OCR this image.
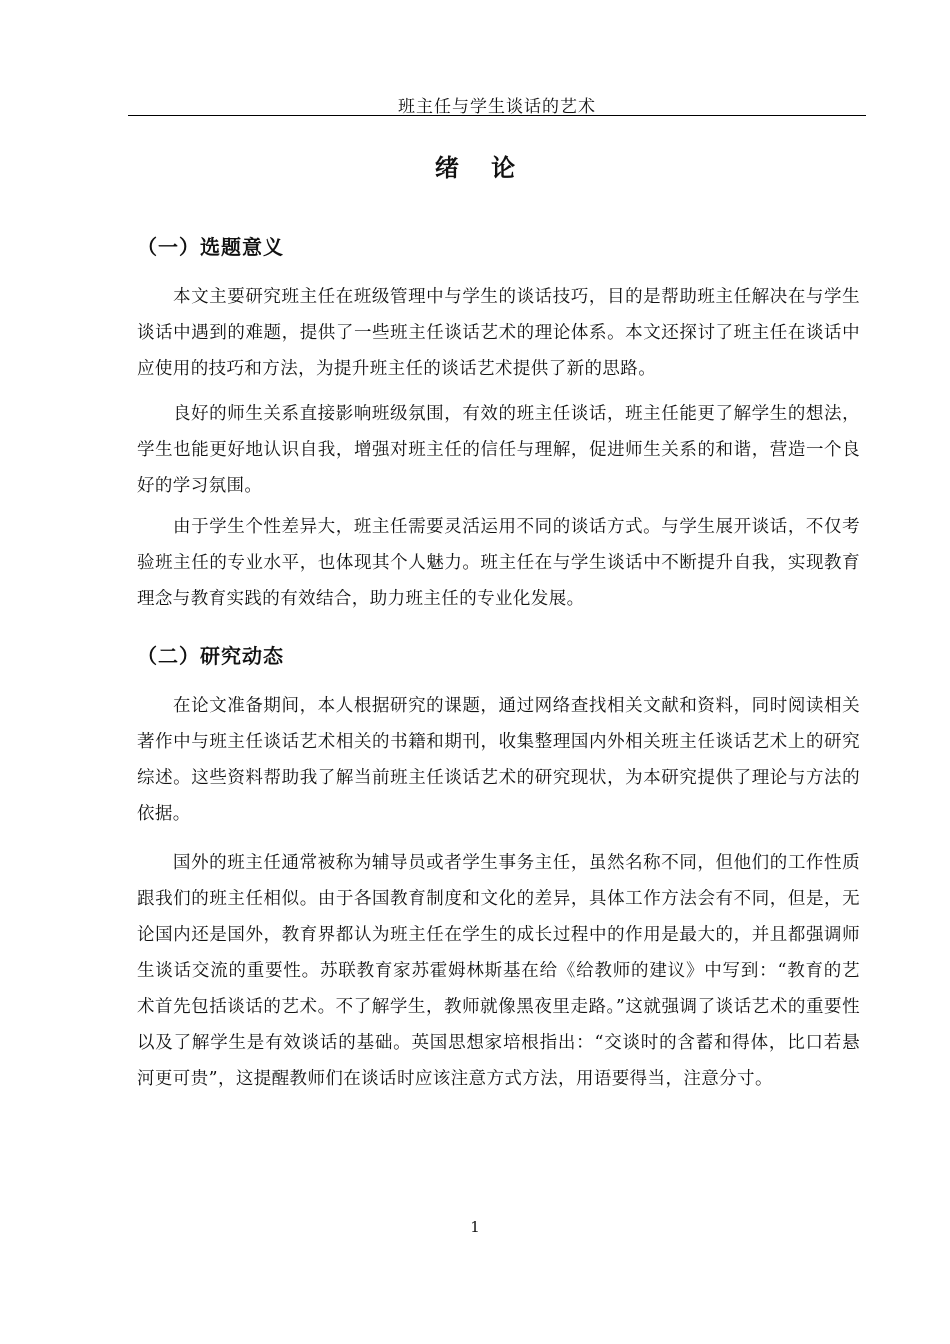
班主任与学生谈话的艺术
绪 论
（一）选题意义

本文主要研究班主任在班级管理中与学生的谈话技巧，目的是帮助班主任解决在与学生谈话中遇到的难题，提供了一些班主任谈话艺术的理论体系。本文还探讨了班主任在谈话中应使用的技巧和方法，为提升班主任的谈话艺术提供了新的思路。

良好的师生关系直接影响班级氛围，有效的班主任谈话，班主任能更了解学生的想法，学生也能更好地认识自我，增强对班主任的信任与理解，促进师生关系的和谐，营造一个良好的学习氛围。

由于学生个性差异大，班主任需要灵活运用不同的谈话方式。与学生展开谈话，不仅考验班主任的专业水平，也体现其个人魅力。班主任在与学生谈话中不断提升自我，实现教育理念与教育实践的有效结合，助力班主任的专业化发展。

（二）研究动态

在论文准备期间，本人根据研究的课题，通过网络查找相关文献和资料，同时阅读相关著作中与班主任谈话艺术相关的书籍和期刊，收集整理国内外相关班主任谈话艺术上的研究综述。这些资料帮助我了解当前班主任谈话艺术的研究现状，为本研究提供了理论与方法的依据。

国外的班主任通常被称为辅导员或者学生事务主任，虽然名称不同，但他们的工作性质跟我们的班主任相似。由于各国教育制度和文化的差异，具体工作方法会有不同，但是，无论国内还是国外，教育界都认为班主任在学生的成长过程中的作用是最大的，并且都强调师生谈话交流的重要性。苏联教育家苏霍姆林斯基在给《给教师的建议》中写到：“教育的艺术首先包括谈话的艺术。不了解学生，教师就像黑夜里走路。”这就强调了谈话艺术的重要性以及了解学生是有效谈话的基础。英国思想家培根指出：“交谈时的含蓄和得体，比口若悬河更可贵”，这提醒教师们在谈话时应该注意方式方法，用语要得当，注意分寸。

1
